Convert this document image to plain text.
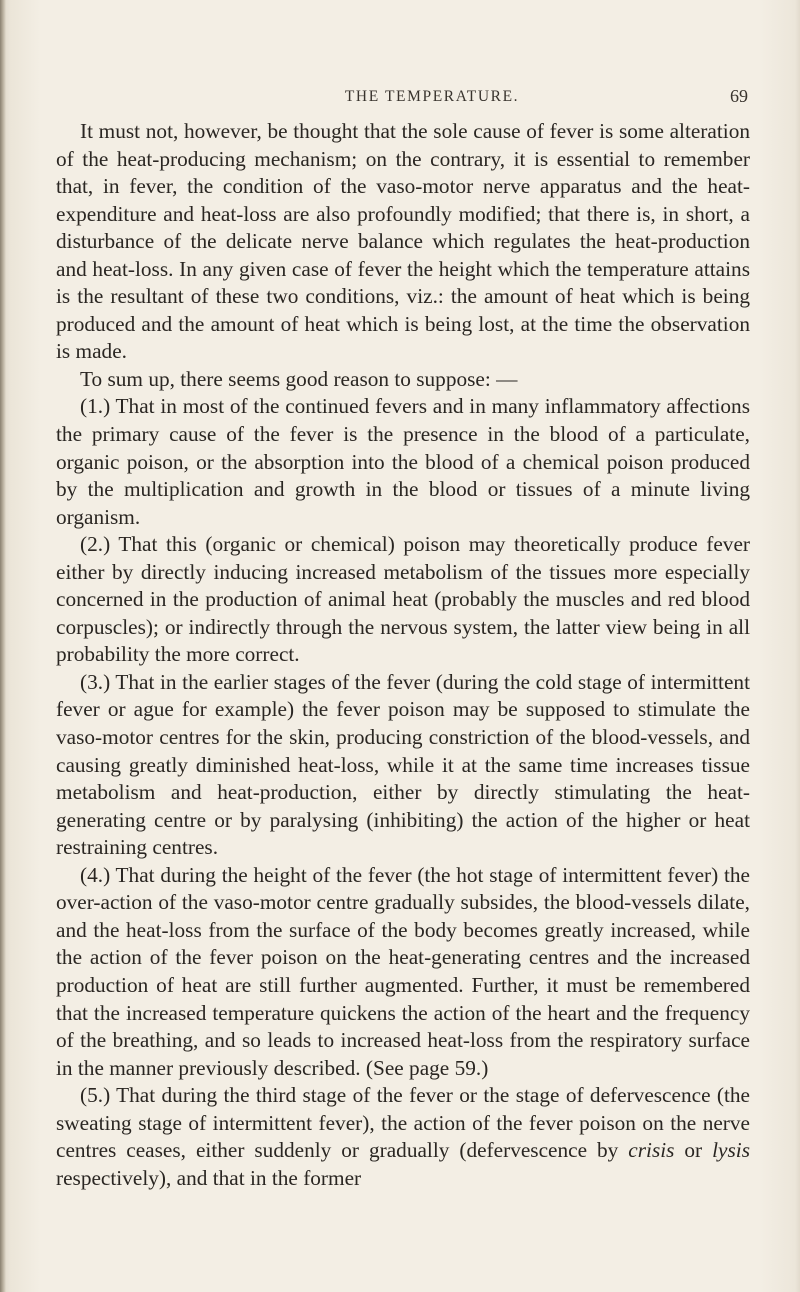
THE TEMPERATURE.	69

It must not, however, be thought that the sole cause of fever is some alteration of the heat-producing mechanism; on the contrary, it is essential to remember that, in fever, the condition of the vaso-motor nerve apparatus and the heat-expenditure and heat-loss are also profoundly modified; that there is, in short, a disturbance of the delicate nerve balance which regulates the heat-production and heat-loss. In any given case of fever the height which the temperature attains is the resultant of these two conditions, viz.: the amount of heat which is being produced and the amount of heat which is being lost, at the time the observation is made.

To sum up, there seems good reason to suppose: —

(1.) That in most of the continued fevers and in many inflammatory affections the primary cause of the fever is the presence in the blood of a particulate, organic poison, or the absorption into the blood of a chemical poison produced by the multiplication and growth in the blood or tissues of a minute living organism.

(2.) That this (organic or chemical) poison may theoretically produce fever either by directly inducing increased metabolism of the tissues more especially concerned in the production of animal heat (probably the muscles and red blood corpuscles); or indirectly through the nervous system, the latter view being in all probability the more correct.

(3.) That in the earlier stages of the fever (during the cold stage of intermittent fever or ague for example) the fever poison may be supposed to stimulate the vaso-motor centres for the skin, producing constriction of the blood-vessels, and causing greatly diminished heat-loss, while it at the same time increases tissue metabolism and heat-production, either by directly stimulating the heat-generating centre or by paralysing (inhibiting) the action of the higher or heat restraining centres.

(4.) That during the height of the fever (the hot stage of intermittent fever) the over-action of the vaso-motor centre gradually subsides, the blood-vessels dilate, and the heat-loss from the surface of the body becomes greatly increased, while the action of the fever poison on the heat-generating centres and the increased production of heat are still further augmented. Further, it must be remembered that the increased temperature quickens the action of the heart and the frequency of the breathing, and so leads to increased heat-loss from the respiratory surface in the manner previously described. (See page 59.)

(5.) That during the third stage of the fever or the stage of defervescence (the sweating stage of intermittent fever), the action of the fever poison on the nerve centres ceases, either suddenly or gradually (defervescence by crisis or lysis respectively), and that in the former
